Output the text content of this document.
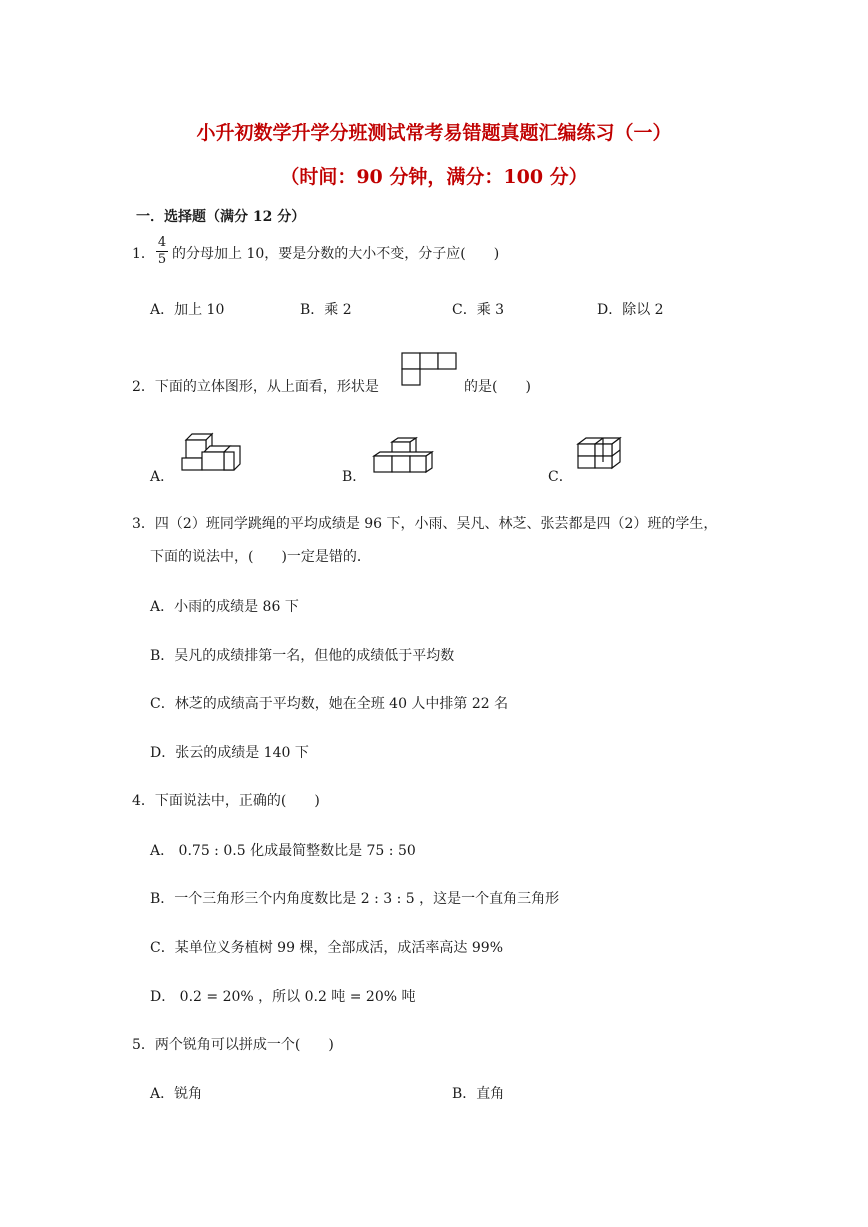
小升初数学升学分班测试常考易错题真题汇编练习（一）
（时间：90 分钟，满分：100 分）
一．选择题（满分 12 分）
1．
4
5 的分母加上 10，要是分数的大小不变，分子应(　　)
A．加上 10	B．乘 2	C．乘 3	D．除以 2
2．下面的立体图形，从上面看，形状是	的是(　　)
A．	B．	C．
3．四（2）班同学跳绳的平均成绩是 96 下，小雨、吴凡、林芝、张芸都是四（2）班的学生，
下面的说法中，(　　)一定是错的．
A．小雨的成绩是 86 下
B．吴凡的成绩排第一名，但他的成绩低于平均数
C．林芝的成绩高于平均数，她在全班 40 人中排第 22 名
D．张云的成绩是 140 下
4．下面说法中，正确的(　　)
A． 0.75 : 0.5 化成最简整数比是 75 : 50
B．一个三角形三个内角度数比是 2 : 3 : 5 ，这是一个直角三角形
C．某单位义务植树 99 棵，全部成活，成活率高达 99%
D． 0.2 = 20% ，所以 0.2 吨 = 20% 吨
5．两个锐角可以拼成一个(　　)
A．锐角	B．直角
